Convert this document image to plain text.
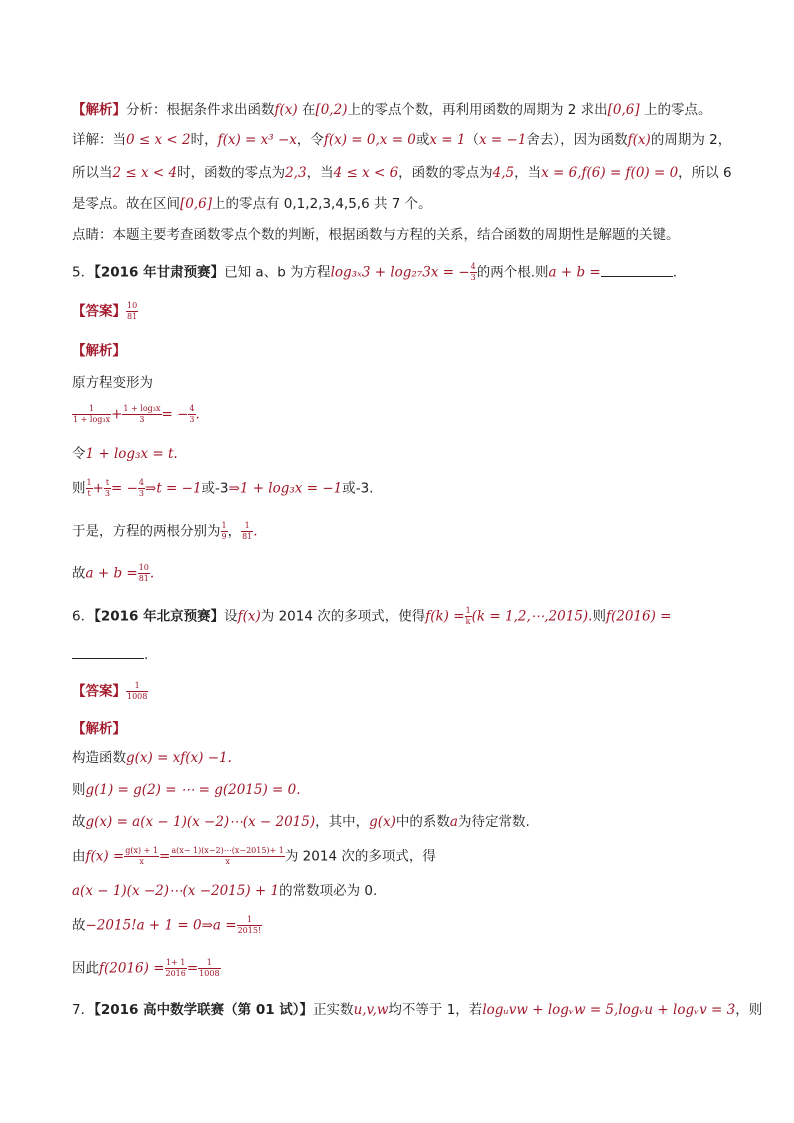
【解析】分析：根据条件求出函数f(x) 在[0,2)上的零点个数，再利用函数的周期为 2 求出[0,6] 上的零点。
详解：当0 ≤ x < 2时，f(x) = x³ −x，令f(x) = 0,x = 0或x = 1（x = −1舍去），因为函数f(x)的周期为 2，
所以当2 ≤ x < 4时，函数的零点为2,3，当4 ≤ x < 6，函数的零点为4,5，当x = 6,f(6) = f(0) = 0，所以 6
是零点。故在区间[0,6]上的零点有 0,1,2,3,4,5,6 共 7 个。
点睛：本题主要考查函数零点个数的判断，根据函数与方程的关系，结合函数的周期性是解题的关键。
5．【2016 年甘肃预赛】已知 a、b 为方程log₃ₓ3 + log₂₇3x = − $\frac{4}{3}$ 的两个根.则a + b =	.
【答案】 $\frac{10}{81}$
【解析】
原方程变形为
$\frac{1}{\text{1 + log₃x}} + \frac{\text{1 + log₃x}}{3}$ = − $\frac{4}{3}$ .
令1 + log₃x = t.
则 $\frac{1}{t} + \frac{t}{3}$ = − $\frac{4}{3}$ ⇒t = −1或-3⇒1 + log₃x = −1或-3.
于是，方程的两根分别为 $\frac{1}{9}$ ， $\frac{1}{81}$ .
故$a + b = \frac{10}{81}$ .
6．【2016 年北京预赛】设f(x)为 2014 次的多项式，使得$f(k) = \frac{1}{k} (k$ = 1,2,⋯,2015).则f(2016) =
.
【答案】 $\frac{1}{1008}$
【解析】
构造函数g(x) = xf(x) −1.
则g(1) = g(2) = ⋯ = g(2015) = 0.
故g(x) = a(x − 1)(x −2)⋯(x − 2015)，其中，g(x)中的系数a为待定常数.
由$f(x) = \frac{g(x) + 1}{x} = \frac{a(x- 1)(x-2)\cdots(x-2015)+ 1}{x}$ 为 2014 次的多项式，得
a(x − 1)(x −2)⋯(x −2015) + 1的常数项必为 0.
故−2015!a + 1 = 0⇒a = $\frac{1}{2015!}$
因此$f(2016) = \frac{1+ 1}{2016} = \frac{1}{1008}$
7．【2016 高中数学联赛（第 01 试）】正实数u,v,w均不等于 1，若logᵤvw + logᵥw = 5,logᵥu + logᵥv = 3，则
